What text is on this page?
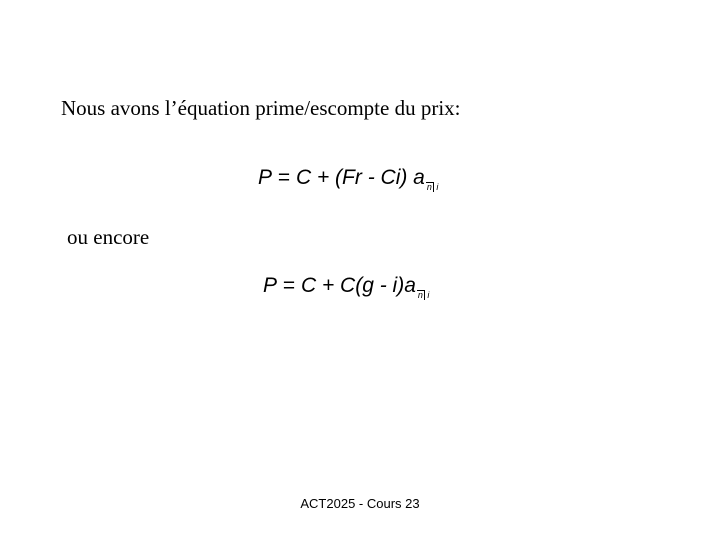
Nous avons l’équation prime/escompte du prix:
P = C + (Fr - Ci) a n i
ou encore
P = C + C(g - i)a n i
ACT2025 - Cours 23
